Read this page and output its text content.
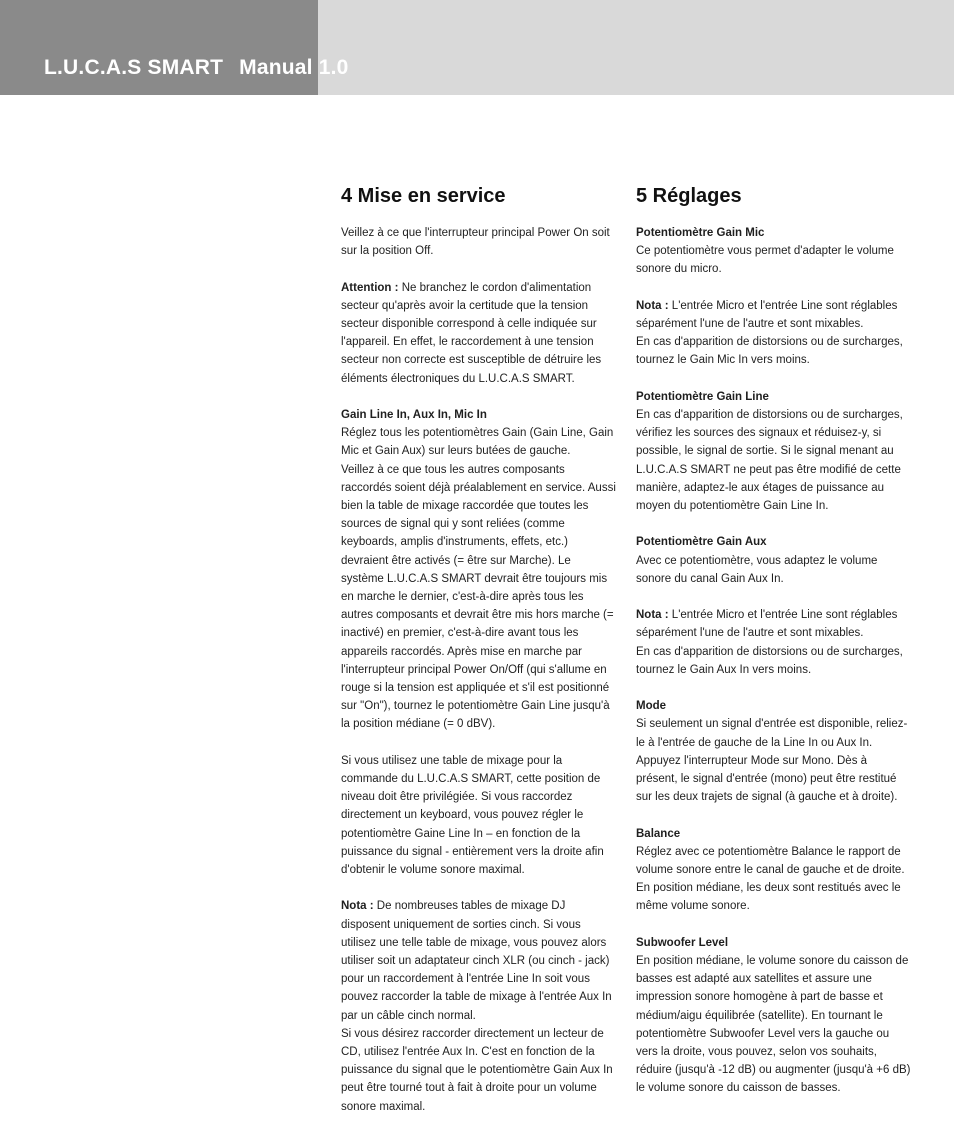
L.U.C.A.S SMART Manual 1.0
4 Mise en service

Veillez à ce que l'interrupteur principal Power On soit sur la position Off.

Attention : Ne branchez le cordon d'alimentation secteur qu'après avoir la certitude que la tension secteur disponible correspond à celle indiquée sur l'appareil. En effet, le raccordement à une tension secteur non correcte est susceptible de détruire les éléments électroniques du L.U.C.A.S SMART.

Gain Line In, Aux In, Mic In
Réglez tous les potentiomètres Gain (Gain Line, Gain Mic et Gain Aux) sur leurs butées de gauche.

Veillez à ce que tous les autres composants raccordés soient déjà préalablement en service. Aussi bien la table de mixage raccordée que toutes les sources de signal qui y sont reliées (comme keyboards, amplis d'instruments, effets, etc.) devraient être activés (= être sur Marche). Le système L.U.C.A.S SMART devrait être toujours mis en marche le dernier, c'est-à-dire après tous les autres composants et devrait être mis hors marche (= inactivé) en premier, c'est-à-dire avant tous les appareils raccordés. Après mise en marche par l'interrupteur principal Power On/Off (qui s'allume en rouge si la tension est appliquée et s'il est positionné sur "On"), tournez le potentiomètre Gain Line jusqu'à la position médiane (= 0 dBV).

Si vous utilisez une table de mixage pour la commande du L.U.C.A.S SMART, cette position de niveau doit être privilégiée. Si vous raccordez directement un keyboard, vous pouvez régler le potentiomètre Gaine Line In – en fonction de la puissance du signal - entièrement vers la droite afin d'obtenir le volume sonore maximal.

Nota : De nombreuses tables de mixage DJ disposent uniquement de sorties cinch. Si vous utilisez une telle table de mixage, vous pouvez alors utiliser soit un adaptateur cinch XLR (ou cinch - jack) pour un raccordement à l'entrée Line In soit vous pouvez raccorder la table de mixage à l'entrée Aux In par un câble cinch normal.

Si vous désirez raccorder directement un lecteur de CD, utilisez l'entrée Aux In. C'est en fonction de la puissance du signal que le potentiomètre Gain Aux In peut être tourné tout à fait à droite pour un volume sonore maximal.

5 Réglages

Potentiomètre Gain Mic
Ce potentiomètre vous permet d'adapter le volume sonore du micro.

Nota : L'entrée Micro et l'entrée Line sont réglables séparément l'une de l'autre et sont mixables.

En cas d'apparition de distorsions ou de surcharges, tournez le Gain Mic In vers moins.

Potentiomètre Gain Line
En cas d'apparition de distorsions ou de surcharges, vérifiez les sources des signaux et réduisez-y, si possible, le signal de sortie. Si le signal menant au L.U.C.A.S SMART ne peut pas être modifié de cette manière, adaptez-le aux étages de puissance au moyen du potentiomètre Gain Line In.

Potentiomètre Gain Aux
Avec ce potentiomètre, vous adaptez le volume sonore du canal Gain Aux In.

Nota : L'entrée Micro et l'entrée Line sont réglables séparément l'une de l'autre et sont mixables.

En cas d'apparition de distorsions ou de surcharges, tournez le Gain Aux In vers moins.

Mode
Si seulement un signal d'entrée est disponible, reliez-le à l'entrée de gauche de la Line In ou Aux In. Appuyez l'interrupteur Mode sur Mono. Dès à présent, le signal d'entrée (mono) peut être restitué sur les deux trajets de signal (à gauche et à droite).

Balance
Réglez avec ce potentiomètre Balance le rapport de volume sonore entre le canal de gauche et de droite. En position médiane, les deux sont restitués avec le même volume sonore.

Subwoofer Level
En position médiane, le volume sonore du caisson de basses est adapté aux satellites et assure une impression sonore homogène à part de basse et médium/aigu équilibrée (satellite). En tournant le potentiomètre Subwoofer Level vers la gauche ou vers la droite, vous pouvez, selon vos souhaits, réduire (jusqu'à -12 dB) ou augmenter (jusqu'à +6 dB) le volume sonore du caisson de basses.
